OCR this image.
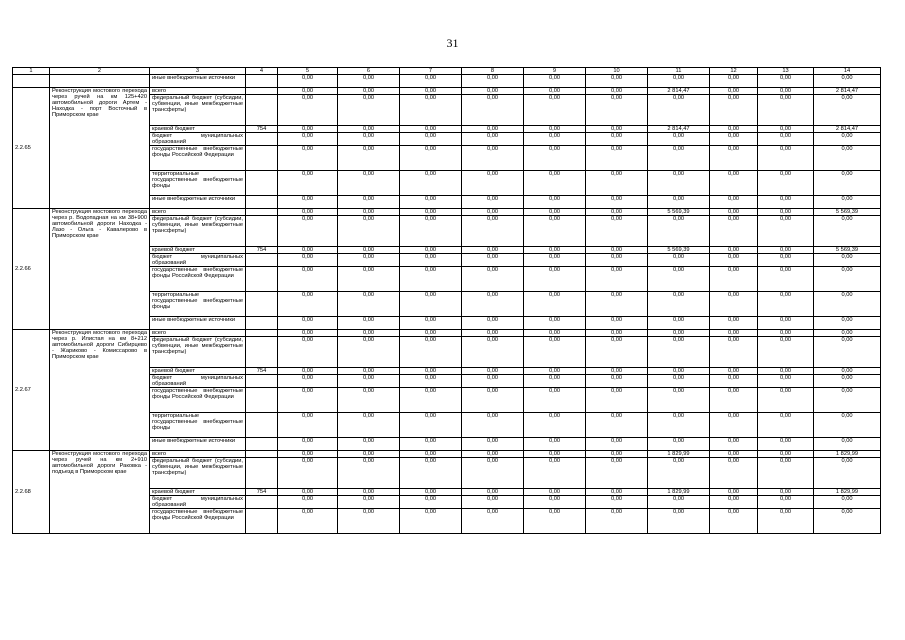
31
1	2	3	4	5	6	7	8	9	10	11	12	13	14
		иные внебюджетные источники		0,00	0,00	0,00	0,00	0,00	0,00	0,00	0,00	0,00	0,00
2.2.65	Реконструкция мостового перехода через ручей на км 125+420 автомобильной дороги Артем - Находка - порт Восточный в Приморском крае	всего		0,00	0,00	0,00	0,00	0,00	0,00	2 814,47	0,00	0,00	2 814,47
		федеральный бюджет (субсидии, субвенции, иные межбюджетные трансферты)		0,00	0,00	0,00	0,00	0,00	0,00	0,00	0,00	0,00	0,00
		краевой бюджет	754	0,00	0,00	0,00	0,00	0,00	0,00	2 814,47	0,00	0,00	2 814,47
		бюджет муниципальных образований		0,00	0,00	0,00	0,00	0,00	0,00	0,00	0,00	0,00	0,00
		государственные внебюджетные фонды Российской Федерации		0,00	0,00	0,00	0,00	0,00	0,00	0,00	0,00	0,00	0,00
		территориальные государственные внебюджетные фонды		0,00	0,00	0,00	0,00	0,00	0,00	0,00	0,00	0,00	0,00
		иные внебюджетные источники		0,00	0,00	0,00	0,00	0,00	0,00	0,00	0,00	0,00	0,00
2.2.66	Реконструкция мостового перехода через р. Водопадная на км 38+900 автомобильной дороги Находка - Лазо - Ольга - Кавалерово в Приморском крае	всего		0,00	0,00	0,00	0,00	0,00	0,00	5 569,39	0,00	0,00	5 569,39
		федеральный бюджет (субсидии, субвенции, иные межбюджетные трансферты)		0,00	0,00	0,00	0,00	0,00	0,00	0,00	0,00	0,00	0,00
		краевой бюджет	754	0,00	0,00	0,00	0,00	0,00	0,00	5 569,39	0,00	0,00	5 569,39
		бюджет муниципальных образований		0,00	0,00	0,00	0,00	0,00	0,00	0,00	0,00	0,00	0,00
		государственные внебюджетные фонды Российской Федерации		0,00	0,00	0,00	0,00	0,00	0,00	0,00	0,00	0,00	0,00
		территориальные государственные внебюджетные фонды		0,00	0,00	0,00	0,00	0,00	0,00	0,00	0,00	0,00	0,00
		иные внебюджетные источники		0,00	0,00	0,00	0,00	0,00	0,00	0,00	0,00	0,00	0,00
2.2.67	Реконструкция мостового перехода через р. Илистая на км 8+212 автомобильной дороги Сибирцево - Жариково - Комиссарово в Приморском крае	всего		0,00	0,00	0,00	0,00	0,00	0,00	0,00	0,00	0,00	0,00
		федеральный бюджет (субсидии, субвенции, иные межбюджетные трансферты)		0,00	0,00	0,00	0,00	0,00	0,00	0,00	0,00	0,00	0,00
		краевой бюджет	754	0,00	0,00	0,00	0,00	0,00	0,00	0,00	0,00	0,00	0,00
		бюджет муниципальных образований		0,00	0,00	0,00	0,00	0,00	0,00	0,00	0,00	0,00	0,00
		государственные внебюджетные фонды Российской Федерации		0,00	0,00	0,00	0,00	0,00	0,00	0,00	0,00	0,00	0,00
		территориальные государственные внебюджетные фонды		0,00	0,00	0,00	0,00	0,00	0,00	0,00	0,00	0,00	0,00
		иные внебюджетные источники		0,00	0,00	0,00	0,00	0,00	0,00	0,00	0,00	0,00	0,00
2.2.68	Реконструкция мостового перехода через ручей на км 2+910 автомобильной дороги Раковка - подъезд в Приморском крае	всего		0,00	0,00	0,00	0,00	0,00	0,00	1 829,99	0,00	0,00	1 829,99
		федеральный бюджет (субсидии, субвенции, иные межбюджетные трансферты)		0,00	0,00	0,00	0,00	0,00	0,00	0,00	0,00	0,00	0,00
		краевой бюджет	754	0,00	0,00	0,00	0,00	0,00	0,00	1 829,99	0,00	0,00	1 829,99
		бюджет муниципальных образований		0,00	0,00	0,00	0,00	0,00	0,00	0,00	0,00	0,00	0,00
		государственные внебюджетные фонды Российской Федерации		0,00	0,00	0,00	0,00	0,00	0,00	0,00	0,00	0,00	0,00
